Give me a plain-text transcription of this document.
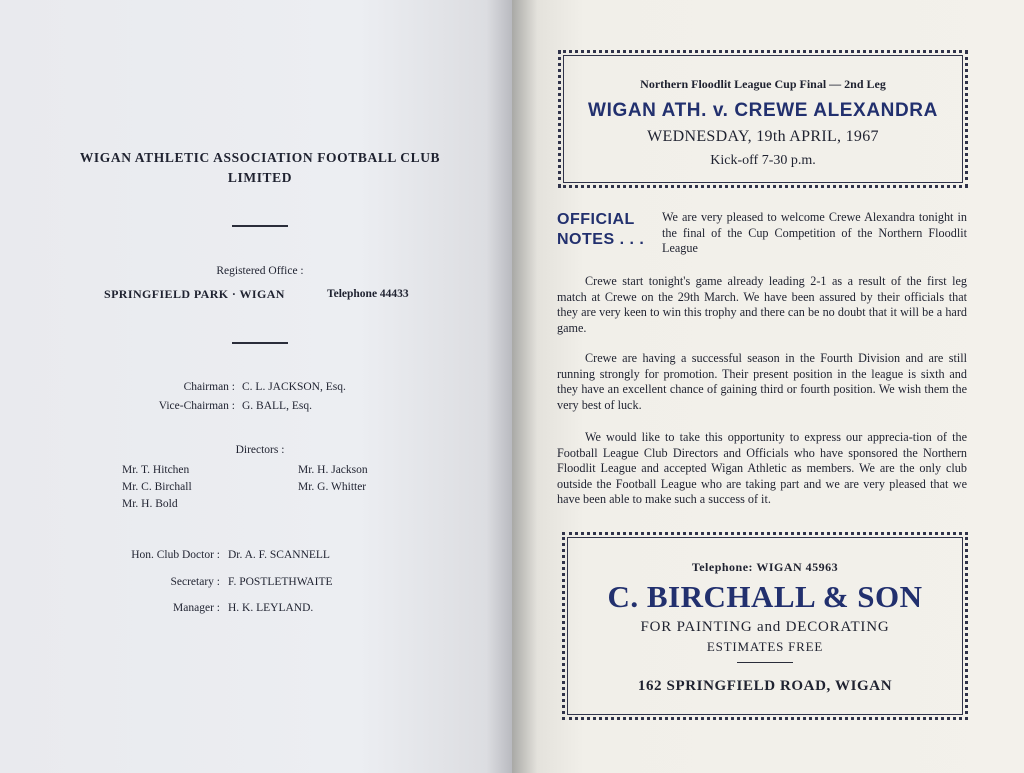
WIGAN ATHLETIC ASSOCIATION FOOTBALL CLUB

LIMITED

Registered Office :

SPRINGFIELD PARK · WIGAN	Telephone 44433

Chairman : C. L. JACKSON, Esq.

Vice-Chairman : G. BALL, Esq.

Directors :

Mr. T. Hitchen
Mr. C. Birchall
Mr. H. Bold
Mr. H. Jackson
Mr. G. Whitter

Hon. Club Doctor : Dr. A. F. SCANNELL

Secretary : F. POSTLETHWAITE

Manager : H. K. LEYLAND.

Northern Floodlit League Cup Final — 2nd Leg

WIGAN ATH. v. CREWE ALEXANDRA

WEDNESDAY, 19th APRIL, 1967

Kick-off 7-30 p.m.

OFFICIAL
NOTES . . .

We are very pleased to welcome Crewe Alexandra tonight in the final of the Cup Competition of the Northern Floodlit League

Crewe start tonight's game already leading 2-1 as a result of the first leg match at Crewe on the 29th March. We have been assured by their officials that they are very keen to win this trophy and there can be no doubt that it will be a hard game.

Crewe are having a successful season in the Fourth Division and are still running strongly for promotion. Their present position in the league is sixth and they have an excellent chance of gaining third or fourth position. We wish them the very best of luck.

We would like to take this opportunity to express our apprecia-tion of the Football League Club Directors and Officials who have sponsored the Northern Floodlit League and accepted Wigan Athletic as members. We are the only club outside the Football League who are taking part and we are very pleased that we have been able to make such a success of it.

Telephone: WIGAN 45963

C. BIRCHALL & SON

FOR PAINTING and DECORATING

ESTIMATES FREE

162 SPRINGFIELD ROAD, WIGAN
